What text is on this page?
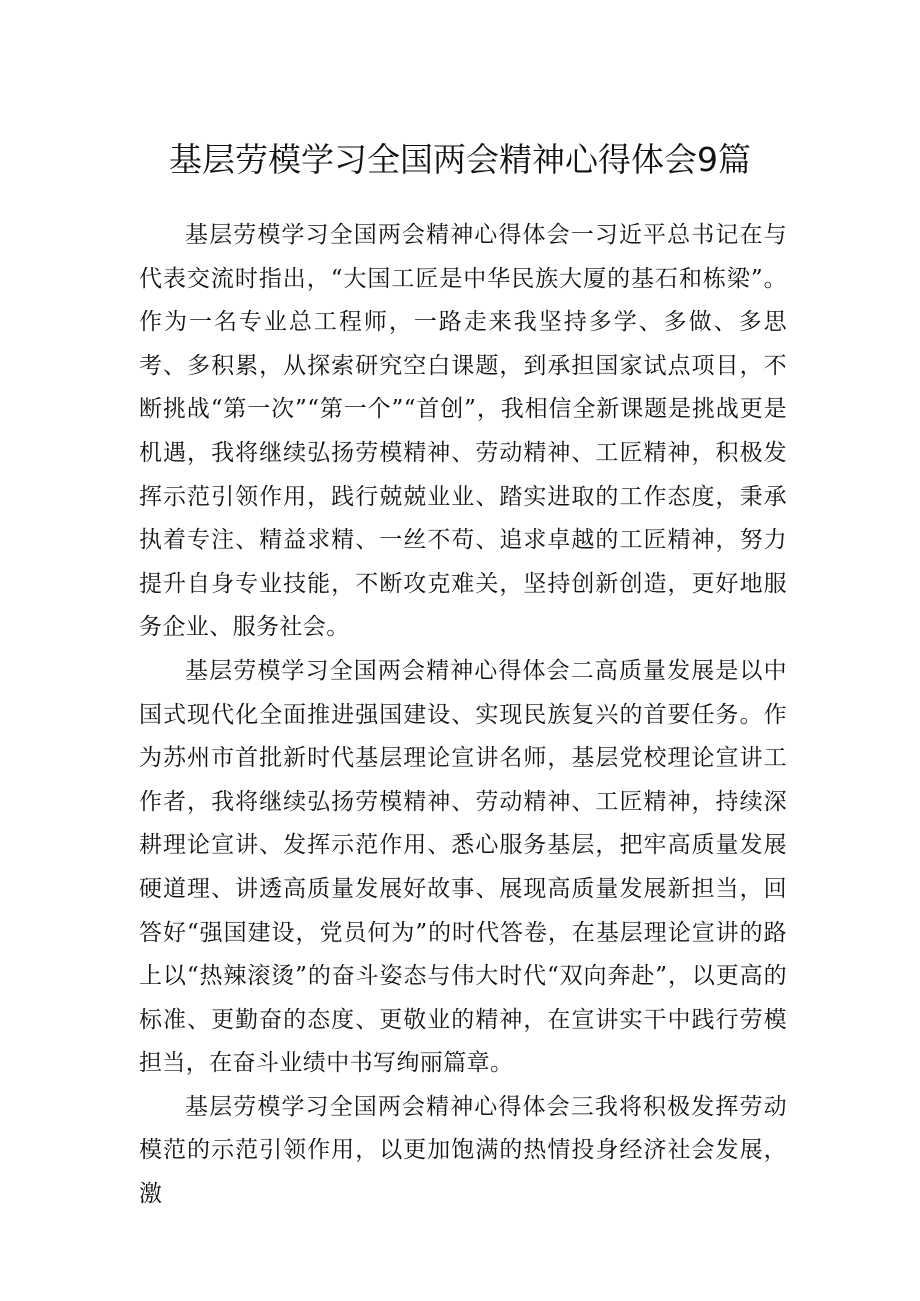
基层劳模学习全国两会精神心得体会9篇

基层劳模学习全国两会精神心得体会一习近平总书记在与代表交流时指出，“大国工匠是中华民族大厦的基石和栋梁”。作为一名专业总工程师，一路走来我坚持多学、多做、多思考、多积累，从探索研究空白课题，到承担国家试点项目，不断挑战“第一次”“第一个”“首创”，我相信全新课题是挑战更是机遇，我将继续弘扬劳模精神、劳动精神、工匠精神，积极发挥示范引领作用，践行兢兢业业、踏实进取的工作态度，秉承执着专注、精益求精、一丝不苟、追求卓越的工匠精神，努力提升自身专业技能，不断攻克难关，坚持创新创造，更好地服务企业、服务社会。

基层劳模学习全国两会精神心得体会二高质量发展是以中国式现代化全面推进强国建设、实现民族复兴的首要任务。作为苏州市首批新时代基层理论宣讲名师，基层党校理论宣讲工作者，我将继续弘扬劳模精神、劳动精神、工匠精神，持续深耕理论宣讲、发挥示范作用、悉心服务基层，把牢高质量发展硬道理、讲透高质量发展好故事、展现高质量发展新担当，回答好“强国建设，党员何为”的时代答卷，在基层理论宣讲的路上以“热辣滚烫”的奋斗姿态与伟大时代“双向奔赴”，以更高的标准、更勤奋的态度、更敬业的精神，在宣讲实干中践行劳模担当，在奋斗业绩中书写绚丽篇章。

基层劳模学习全国两会精神心得体会三我将积极发挥劳动模范的示范引领作用，以更加饱满的热情投身经济社会发展，激
